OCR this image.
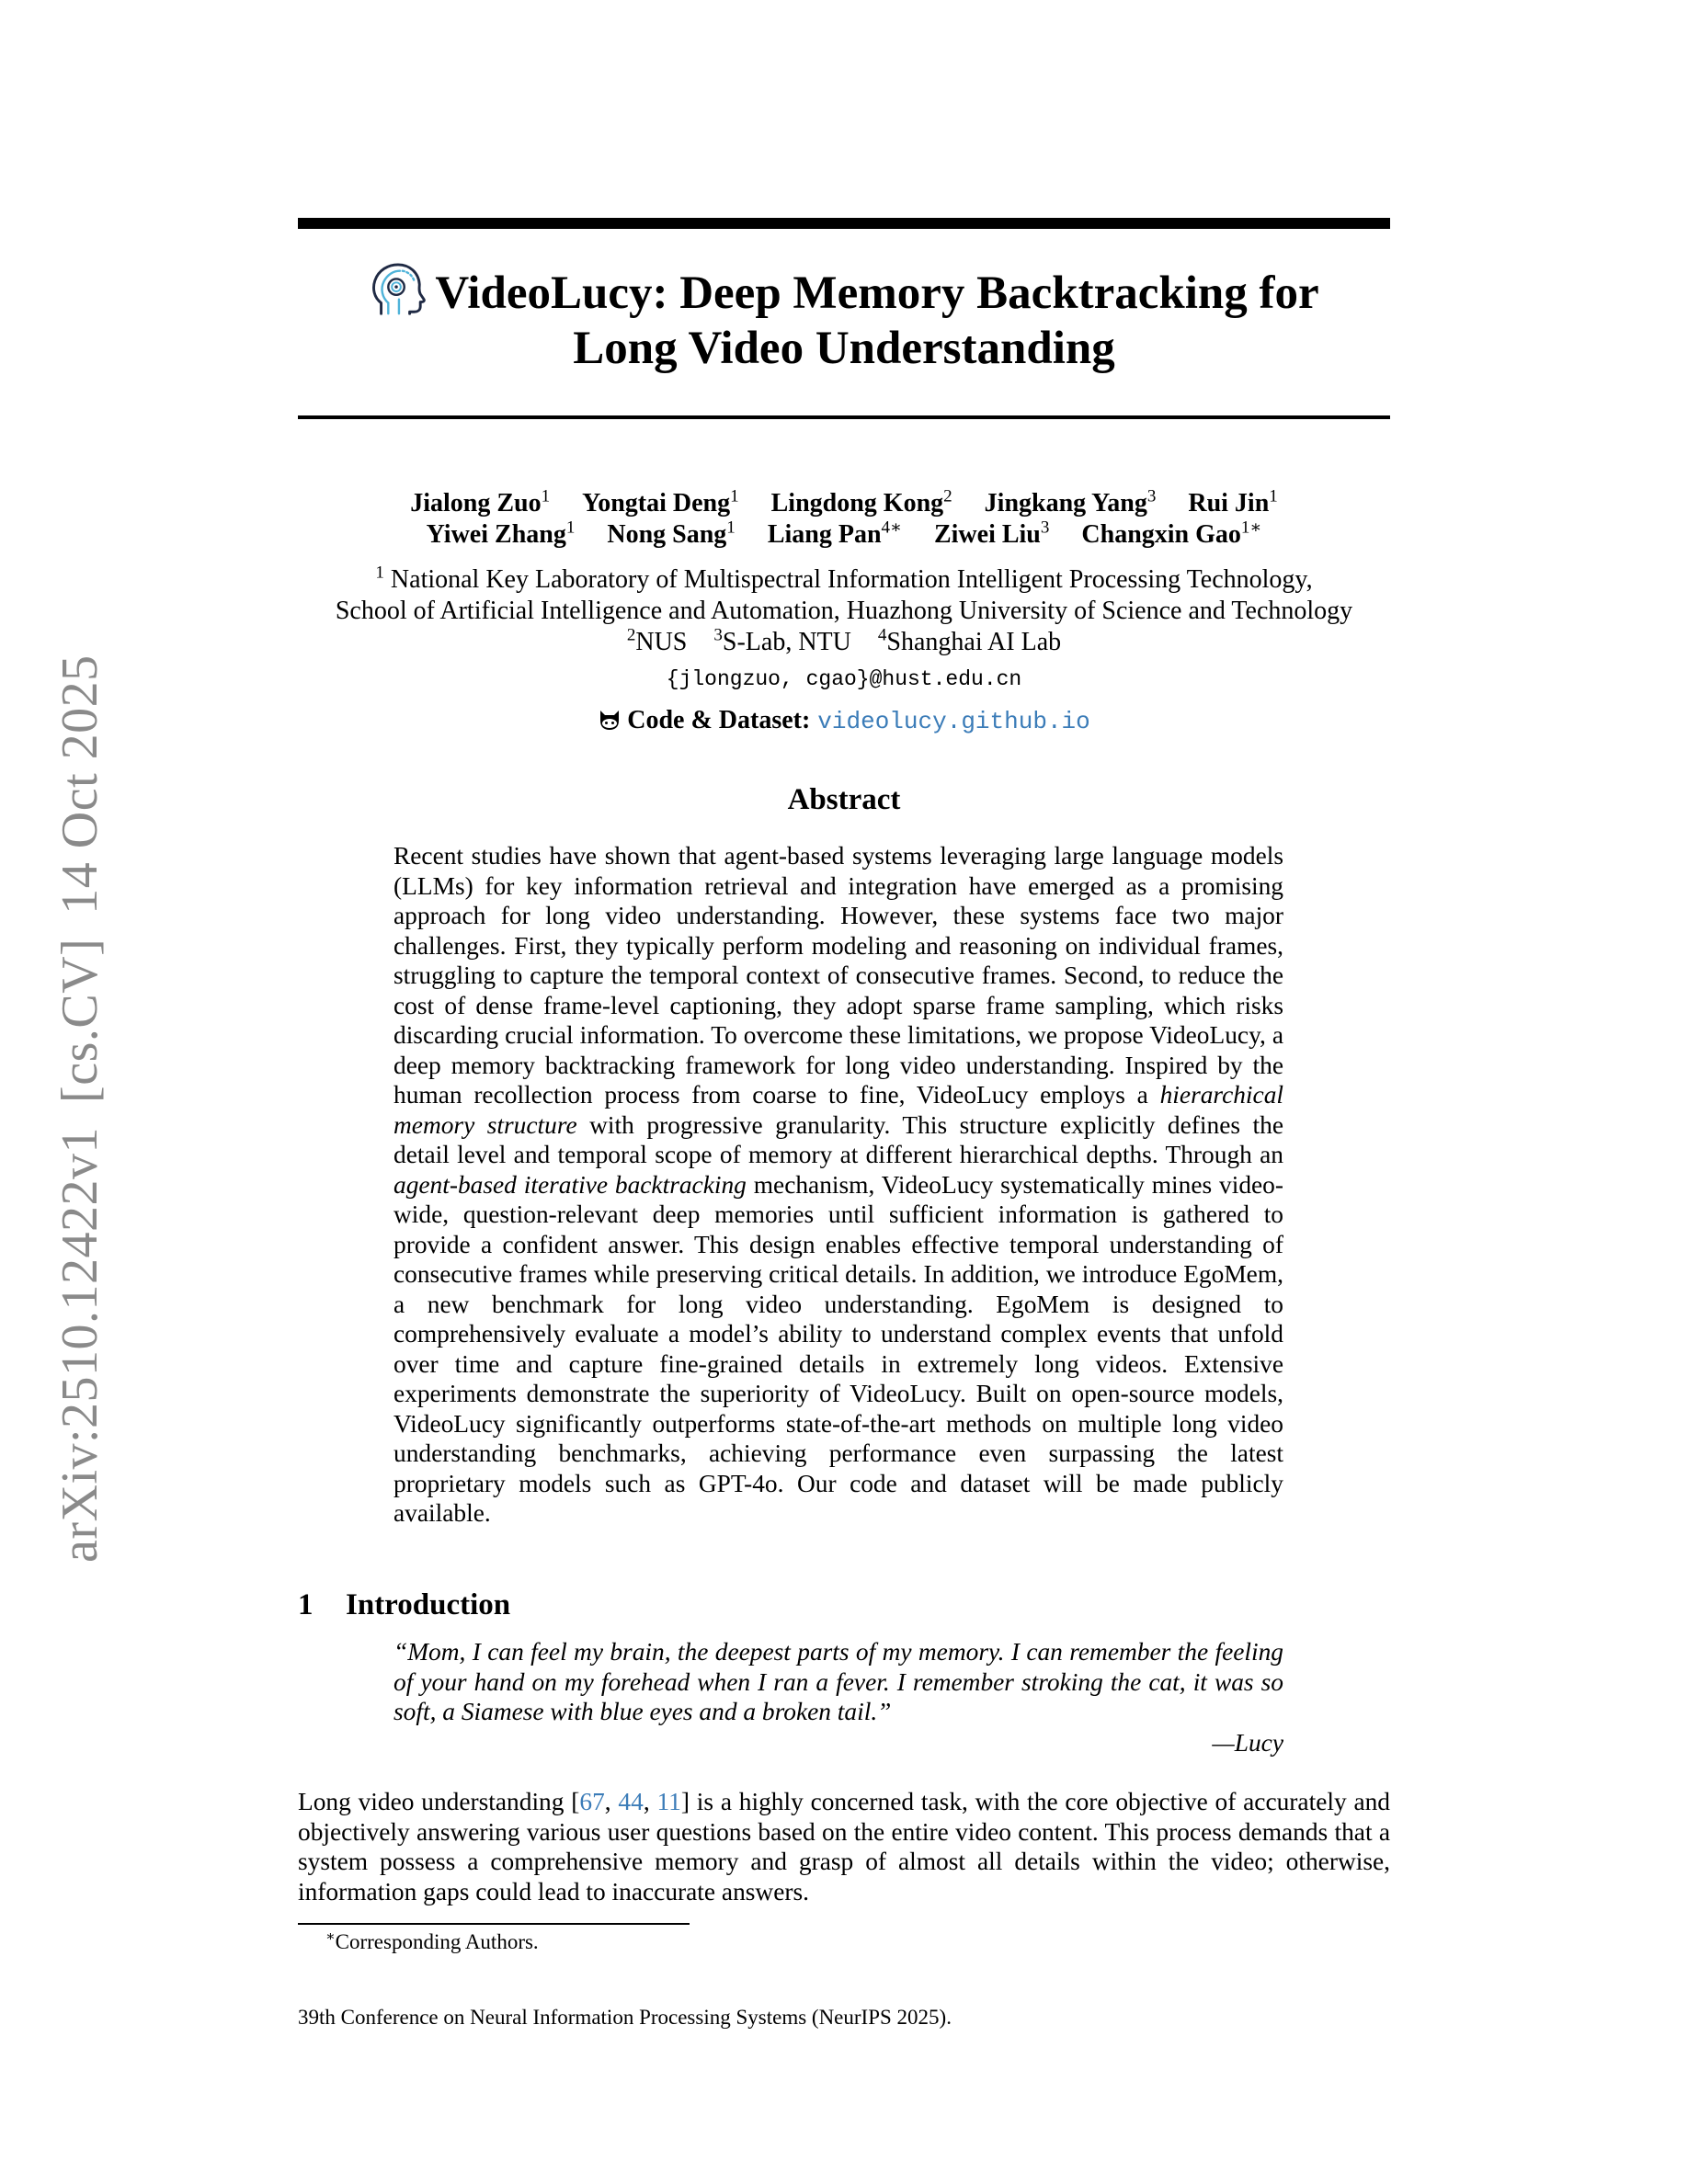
arXiv:2510.12422v1[cs.CV]14 Oct 2025
VideoLucy: Deep Memory Backtracking for
Long Video Understanding
Jialong Zuo$^1$ Yongtai Deng$^1$ Lingdong Kong$^2$ Jingkang Yang$^3$ Rui Jin$^1$
Yiwei Zhang$^1$ Nong Sang$^1$ Liang Pan$^{4∗}$ Ziwei Liu$^3$ Changxin Gao$^{1∗}$
$^1$ National Key Laboratory of Multispectral Information Intelligent Processing Technology,
School of Artificial Intelligence and Automation, Huazhong University of Science and Technology
$^2$NUS $^3$S-Lab, NTU $^4$Shanghai AI Lab
{jlongzuo, cgao}@hust.edu.cn
Code & Dataset: videolucy.github.io
Abstract
Recent studies have shown that agent-based systems leveraging large language models (LLMs) for key information retrieval and integration have emerged as a promising approach for long video understanding. However, these systems face two major challenges. First, they typically perform modeling and reasoning on individual frames, struggling to capture the temporal context of consecutive frames. Second, to reduce the cost of dense frame-level captioning, they adopt sparse frame sampling, which risks discarding crucial information. To overcome these limitations, we propose VideoLucy, a deep memory backtracking framework for long video understanding. Inspired by the human recollection process from coarse to fine, VideoLucy employs a hierarchical memory structure with progressive granularity. This structure explicitly defines the detail level and temporal scope of memory at different hierarchical depths. Through an agent-based iterative backtracking mechanism, VideoLucy systematically mines video-wide, question-relevant deep memories until sufficient information is gathered to provide a confident answer. This design enables effective temporal understanding of consecutive frames while preserving critical details. In addition, we introduce EgoMem, a new benchmark for long video understanding. EgoMem is designed to comprehensively evaluate a model’s ability to understand complex events that unfold over time and capture fine-grained details in extremely long videos. Extensive experiments demonstrate the superiority of VideoLucy. Built on open-source models, VideoLucy significantly outperforms state-of-the-art methods on multiple long video understanding benchmarks, achieving performance even surpassing the latest proprietary models such as GPT-4o. Our code and dataset will be made publicly available.
1 Introduction
“Mom, I can feel my brain, the deepest parts of my memory. I can remember the feeling of your hand on my forehead when I ran a fever. I remember stroking the cat, it was so soft, a Siamese with blue eyes and a broken tail.”
—Lucy
Long video understanding [67, 44, 11] is a highly concerned task, with the core objective of accurately and objectively answering various user questions based on the entire video content. This process demands that a system possess a comprehensive memory and grasp of almost all details within the video; otherwise, information gaps could lead to inaccurate answers.
∗Corresponding Authors.
39th Conference on Neural Information Processing Systems (NeurIPS 2025).
